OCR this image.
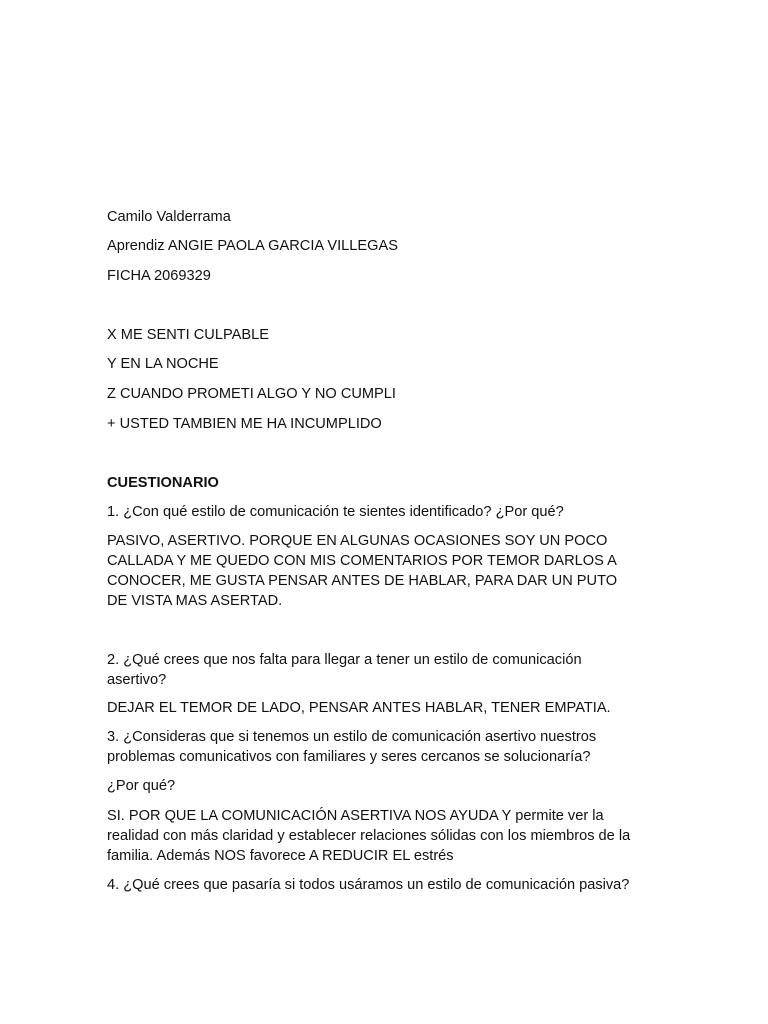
Camilo Valderrama

Aprendiz ANGIE PAOLA GARCIA VILLEGAS

FICHA 2069329

X ME SENTI CULPABLE

Y EN LA NOCHE

Z CUANDO PROMETI ALGO Y NO CUMPLI

+ USTED TAMBIEN ME HA INCUMPLIDO

CUESTIONARIO

1. ¿Con qué estilo de comunicación te sientes identificado? ¿Por qué?

PASIVO, ASERTIVO. PORQUE EN ALGUNAS OCASIONES SOY UN POCO
CALLADA Y ME QUEDO CON MIS COMENTARIOS POR TEMOR DARLOS A
CONOCER, ME GUSTA PENSAR ANTES DE HABLAR, PARA DAR UN PUTO
DE VISTA MAS ASERTAD.
2. ¿Qué crees que nos falta para llegar a tener un estilo de comunicación
asertivo?

DEJAR EL TEMOR DE LADO, PENSAR ANTES HABLAR, TENER EMPATIA.

3. ¿Consideras que si tenemos un estilo de comunicación asertivo nuestros
problemas comunicativos con familiares y seres cercanos se solucionaría?

¿Por qué?

SI. POR QUE LA COMUNICACIÓN ASERTIVA NOS AYUDA Y permite ver la
realidad con más claridad y establecer relaciones sólidas con los miembros de la
familia. Además NOS favorece A REDUCIR EL estrés

4. ¿Qué crees que pasaría si todos usáramos un estilo de comunicación pasiva?
